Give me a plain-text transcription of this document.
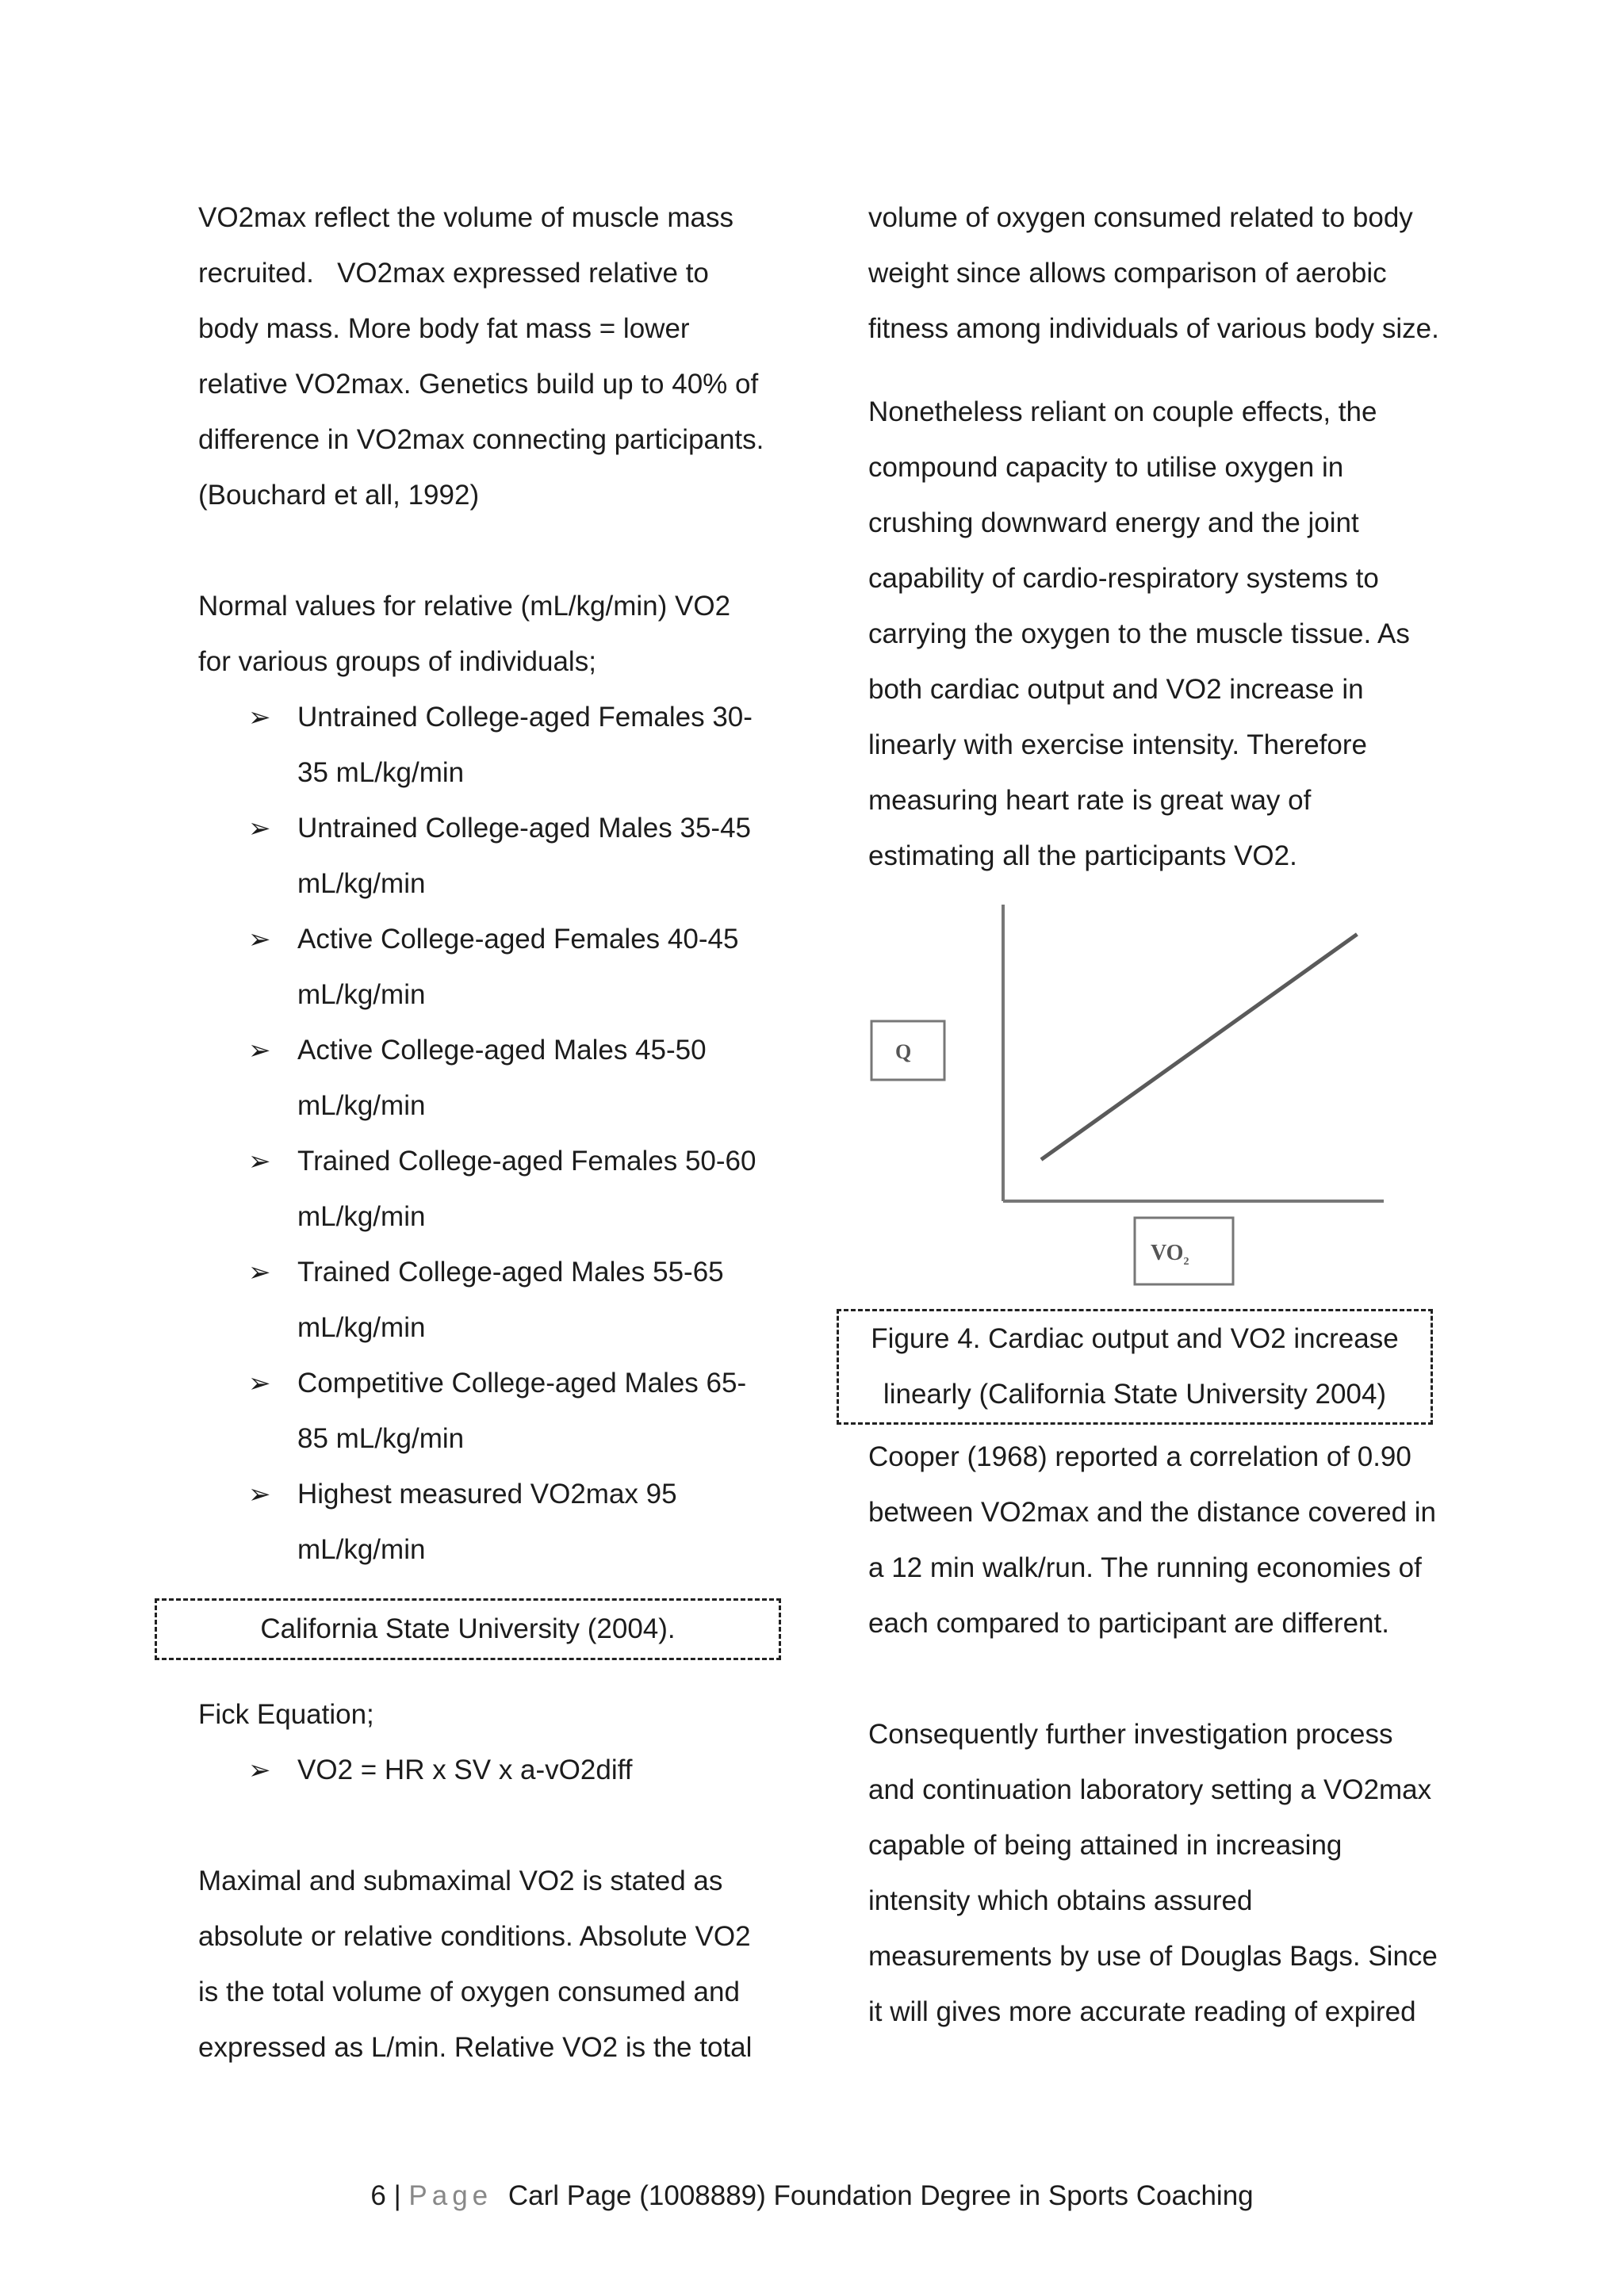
VO2max reflect the volume of muscle mass

recruited.   VO2max expressed relative to

body mass. More body fat mass = lower

relative VO2max. Genetics build up to 40% of

difference in VO2max connecting participants.

(Bouchard et all, 1992)

Normal values for relative (mL/kg/min) VO2

for various groups of individuals;

➢ Untrained College-aged Females 30-
35 mL/kg/min
➢ Untrained College-aged Males 35-45
mL/kg/min
➢ Active College-aged Females 40-45
mL/kg/min
➢ Active College-aged Males 45-50
mL/kg/min
➢ Trained College-aged Females 50-60
mL/kg/min
➢ Trained College-aged Males 55-65
mL/kg/min
➢ Competitive College-aged Males 65-
85 mL/kg/min
➢ Highest measured VO2max 95
mL/kg/min
California State University (2004).

Fick Equation;

➢ VO2 = HR x SV x a-vO2diff

Maximal and submaximal VO2 is stated as

absolute or relative conditions. Absolute VO2

is the total volume of oxygen consumed and

expressed as L/min. Relative VO2 is the total

volume of oxygen consumed related to body

weight since allows comparison of aerobic

fitness among individuals of various body size.

Nonetheless reliant on couple effects, the

compound capacity to utilise oxygen in

crushing downward energy and the joint

capability of cardio-respiratory systems to

carrying the oxygen to the muscle tissue. As

both cardiac output and VO2 increase in

linearly with exercise intensity. Therefore

measuring heart rate is great way of

estimating all the participants VO2.

Q
$VO_2$
Figure 4. Cardiac output and VO2 increase
linearly (California State University 2004)

Cooper (1968) reported a correlation of 0.90

between VO2max and the distance covered in

a 12 min walk/run. The running economies of

each compared to participant are different.

Consequently further investigation process

and continuation laboratory setting a VO2max

capable of being attained in increasing

intensity which obtains assured

measurements by use of Douglas Bags. Since

it will gives more accurate reading of expired

6 | Page Carl Page (1008889) Foundation Degree in Sports Coaching
